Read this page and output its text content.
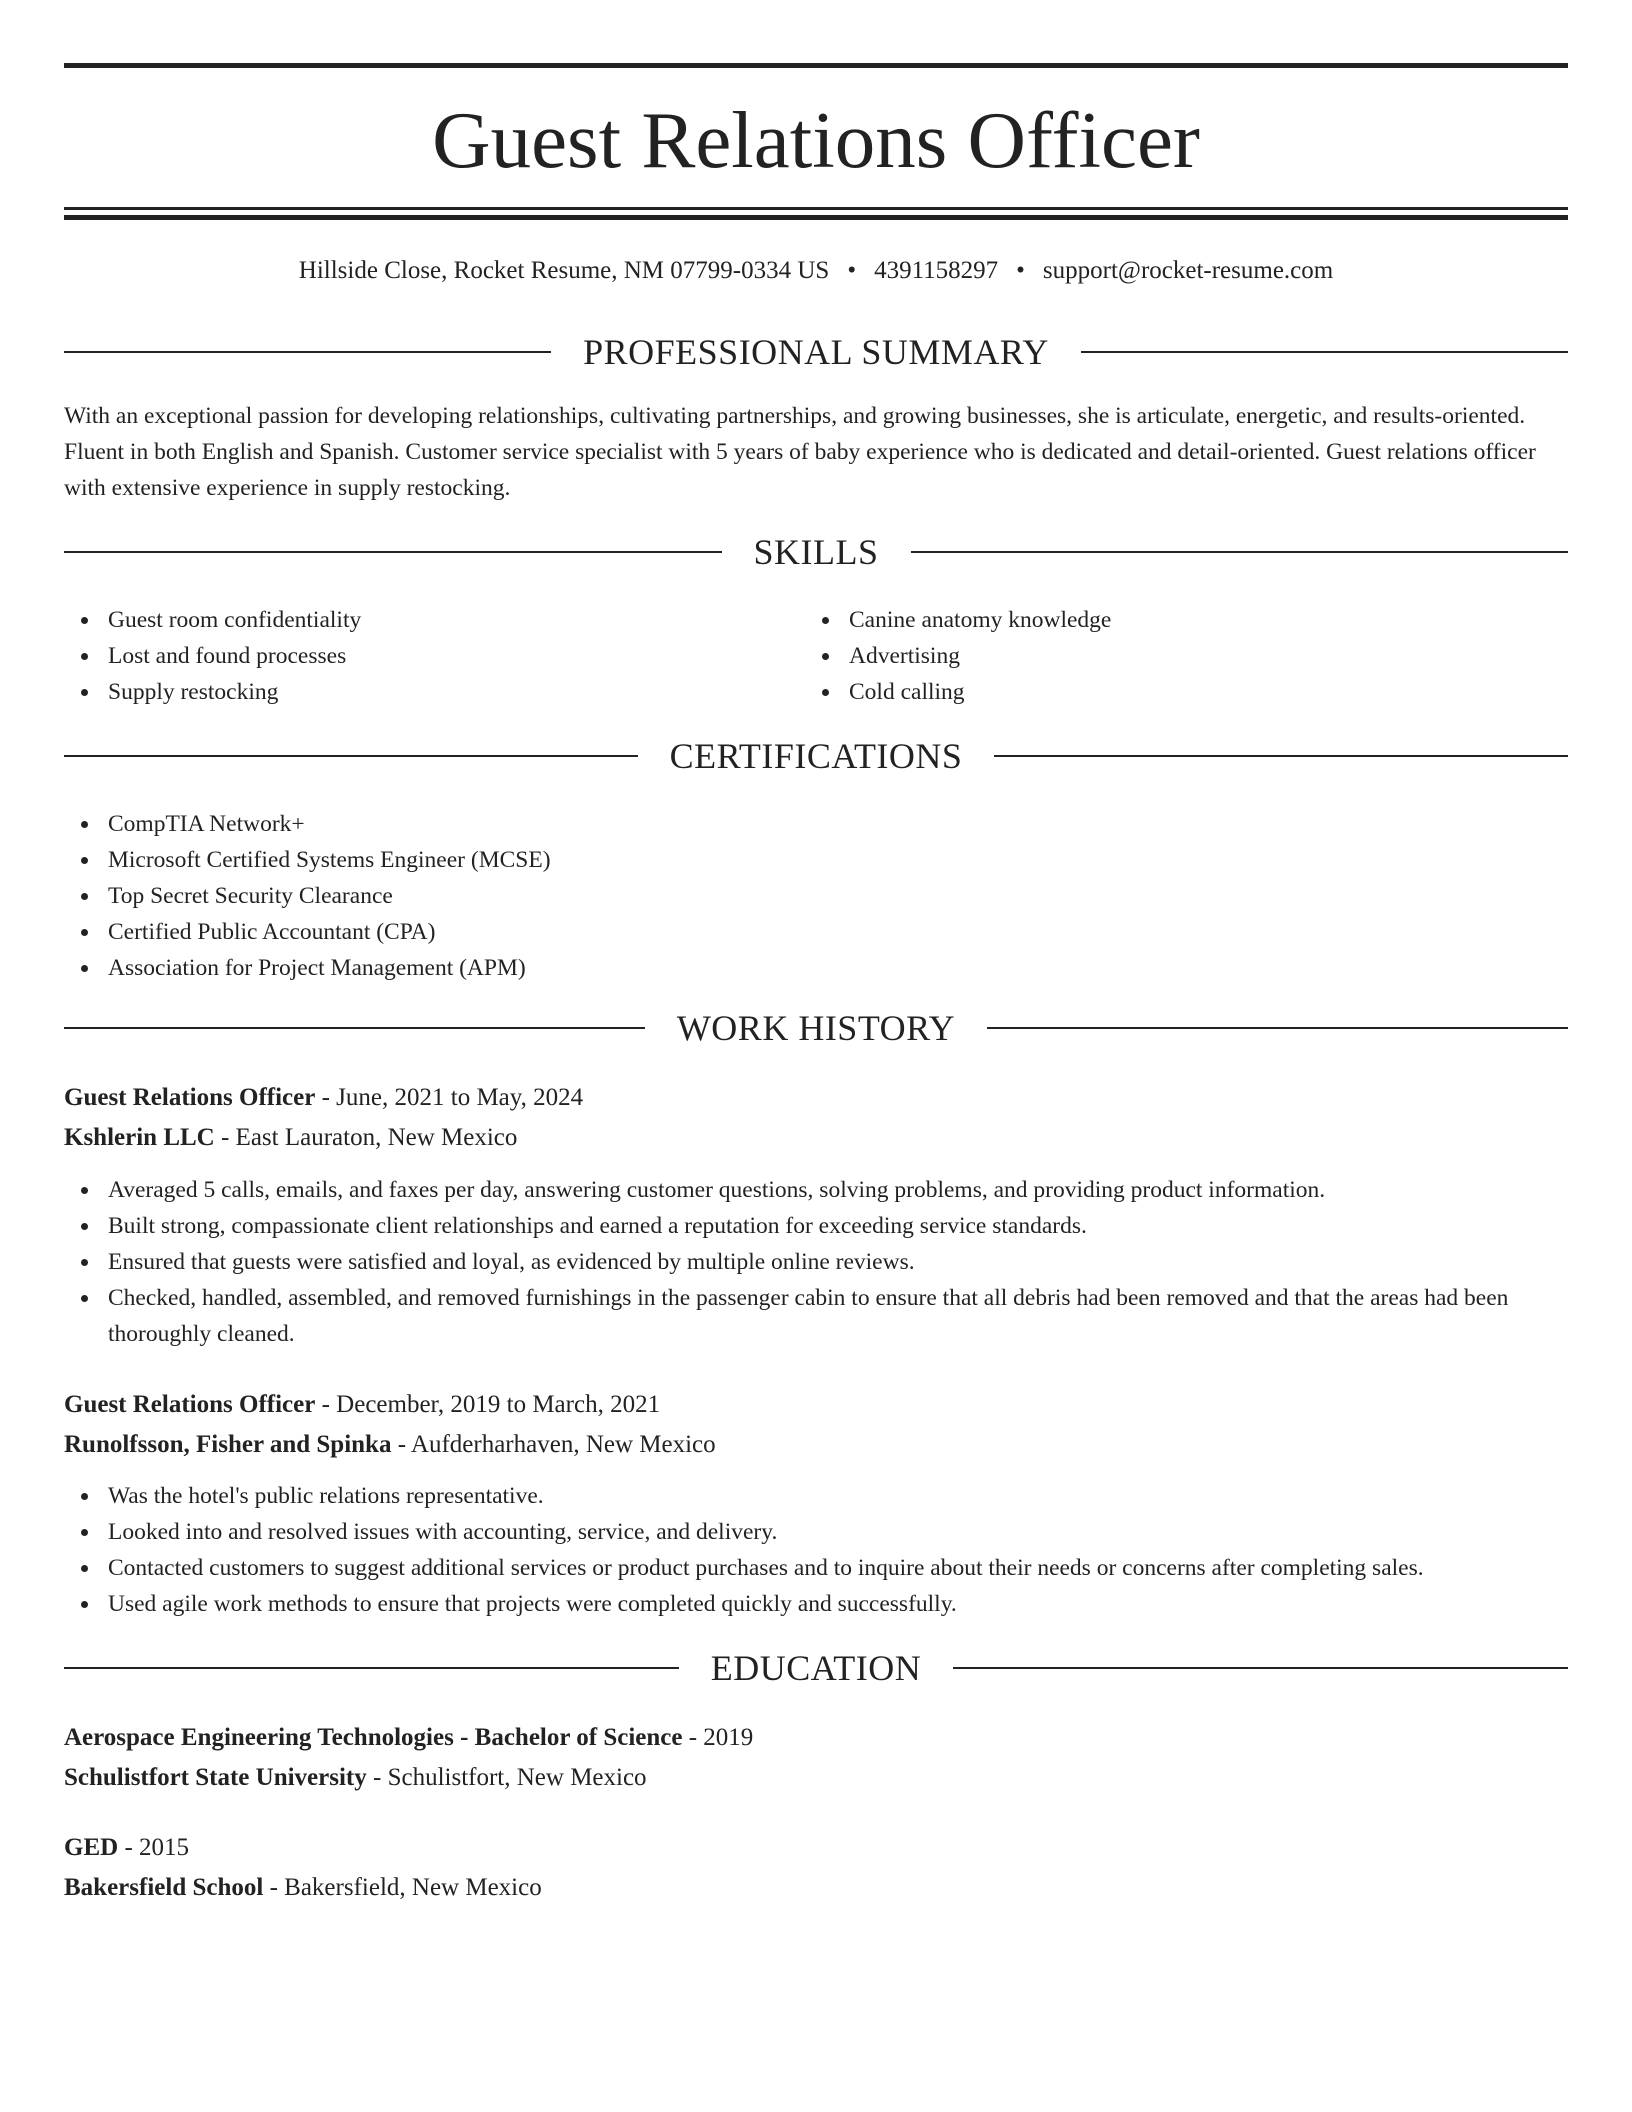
Guest Relations Officer
Hillside Close, Rocket Resume, NM 07799-0334 US • 4391158297 • support@rocket-resume.com
PROFESSIONAL SUMMARY

With an exceptional passion for developing relationships, cultivating partnerships, and growing businesses, she is articulate, energetic, and results-oriented. Fluent in both English and Spanish. Customer service specialist with 5 years of baby experience who is dedicated and detail-oriented. Guest relations officer with extensive experience in supply restocking.

SKILLS
Guest room confidentiality
Lost and found processes
Supply restocking
Canine anatomy knowledge
Advertising
Cold calling
CERTIFICATIONS
CompTIA Network+
Microsoft Certified Systems Engineer (MCSE)
Top Secret Security Clearance
Certified Public Accountant (CPA)
Association for Project Management (APM)
WORK HISTORY
Guest Relations Officer - June, 2021 to May, 2024
Kshlerin LLC - East Lauraton, New Mexico
Averaged 5 calls, emails, and faxes per day, answering customer questions, solving problems, and providing product information.
Built strong, compassionate client relationships and earned a reputation for exceeding service standards.
Ensured that guests were satisfied and loyal, as evidenced by multiple online reviews.
Checked, handled, assembled, and removed furnishings in the passenger cabin to ensure that all debris had been removed and that the areas had been thoroughly cleaned.
Guest Relations Officer - December, 2019 to March, 2021
Runolfsson, Fisher and Spinka - Aufderharhaven, New Mexico
Was the hotel's public relations representative.
Looked into and resolved issues with accounting, service, and delivery.
Contacted customers to suggest additional services or product purchases and to inquire about their needs or concerns after completing sales.
Used agile work methods to ensure that projects were completed quickly and successfully.
EDUCATION
Aerospace Engineering Technologies - Bachelor of Science - 2019
Schulistfort State University - Schulistfort, New Mexico
GED - 2015
Bakersfield School - Bakersfield, New Mexico
